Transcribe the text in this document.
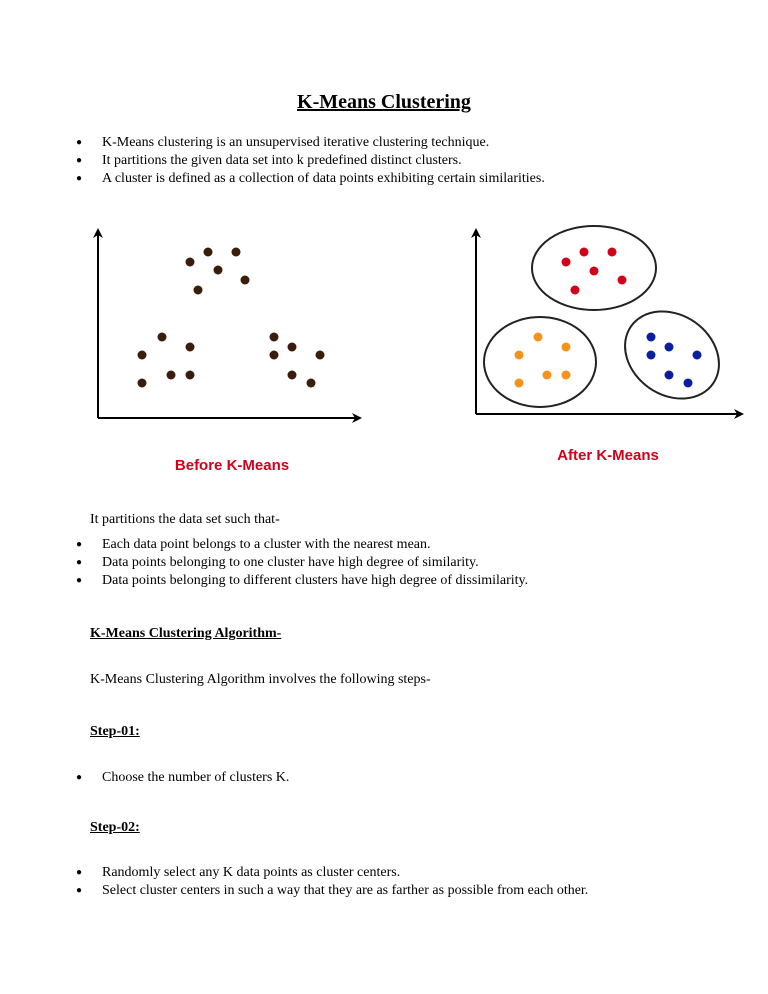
K-Means Clustering
● K-Means clustering is an unsupervised iterative clustering technique.
● It partitions the given data set into k predefined distinct clusters.
● A cluster is defined as a collection of data points exhibiting certain similarities.
Before K-Means
After K-Means

It partitions the data set such that-

● Each data point belongs to a cluster with the nearest mean.
● Data points belonging to one cluster have high degree of similarity.
● Data points belonging to different clusters have high degree of dissimilarity.

K-Means Clustering Algorithm-

K-Means Clustering Algorithm involves the following steps-

Step-01:

● Choose the number of clusters K.

Step-02:

● Randomly select any K data points as cluster centers.
● Select cluster centers in such a way that they are as farther as possible from each other.
